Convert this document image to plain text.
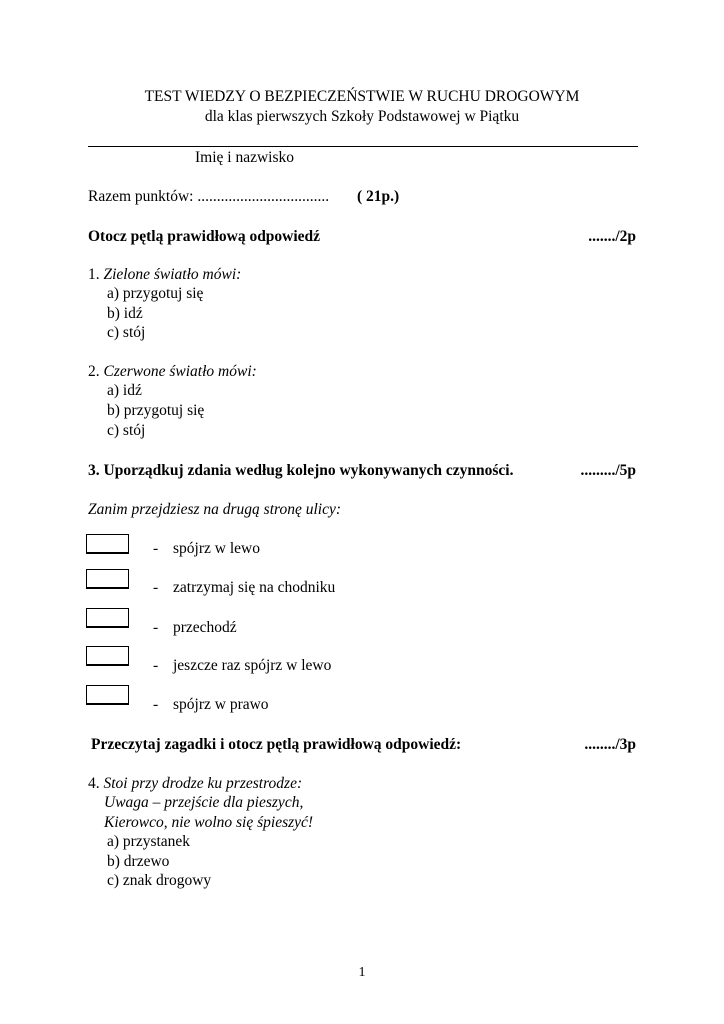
TEST WIEDZY O BEZPIECZEŃSTWIE W RUCHU DROGOWYM
dla klas pierwszych Szkoły Podstawowej w Piątku
Imię i nazwisko
Razem punktów: .................................. ( 21p.)
Otocz pętlą prawidłową odpowiedź	......./2p
1. Zielone światło mówi:
a) przygotuj się
b) idź
c) stój
2. Czerwone światło mówi:
a) idź
b) przygotuj się
c) stój
3. Uporządkuj zdania według kolejno wykonywanych czynności.	........./5p
Zanim przejdziesz na drugą stronę ulicy:
- spójrz w lewo
- zatrzymaj się na chodniku
- przechodź
- jeszcze raz spójrz w lewo
- spójrz w prawo
Przeczytaj zagadki i otocz pętlą prawidłową odpowiedź:	......../3p
4. Stoi przy drodze ku przestrodze:
Uwaga – przejście dla pieszych,
Kierowco, nie wolno się śpieszyć!
a) przystanek
b) drzewo
c) znak drogowy
1
